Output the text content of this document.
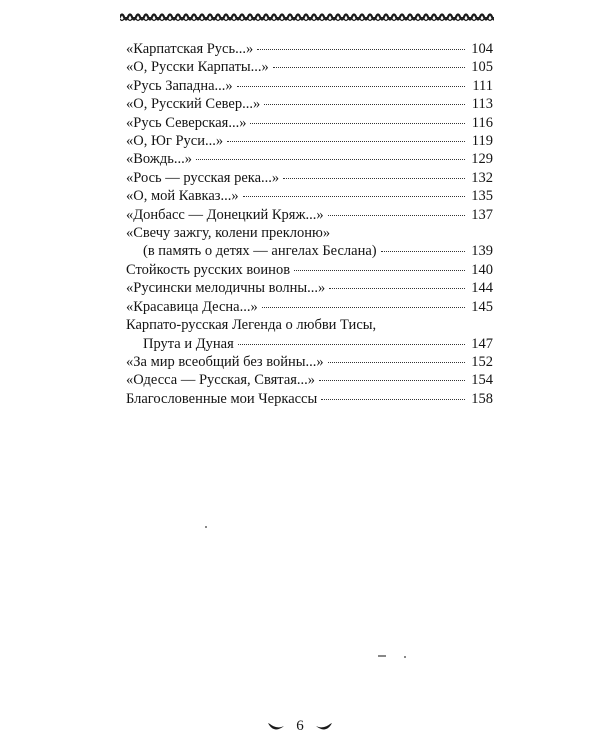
«Карпатская Русь...»	104
«О, Русски Карпаты...»	105
«Русь Западна...»	111
«О, Русский Север...»	113
«Русь Северская...»	116
«О, Юг Руси...»	119
«Вождь...»	129
«Рось — русская река...»	132
«О, мой Кавказ...»	135
«Донбасс — Донецкий Кряж...»	137
«Свечу зажгу, колени преклоню»
(в память о детях — ангелах Беслана)	139
Стойкость русских воинов	140
«Русински мелодичны волны...»	144
«Красавица Десна...»	145
Карпато-русская Легенда о любви Тисы,
Прута и Дуная	147
«За мир всеобщий без войны...»	152
«Одесса — Русская, Святая...»	154
Благословенные мои Черкассы	158
6
